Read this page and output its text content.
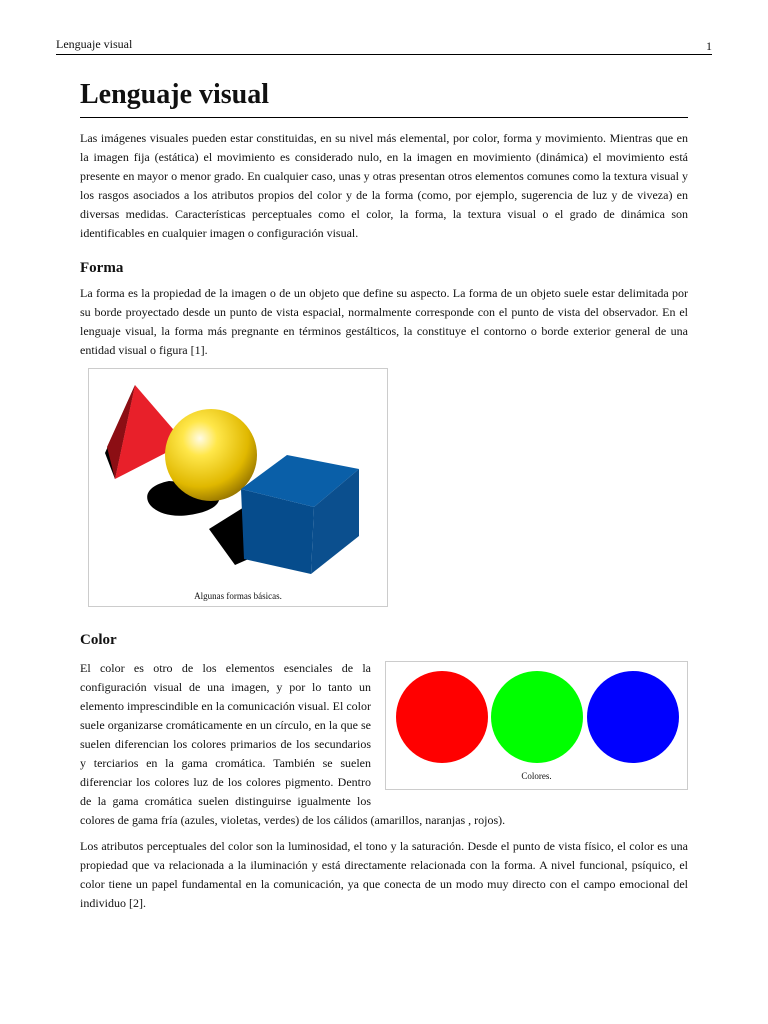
Lenguaje visual	1
Lenguaje visual

Las imágenes visuales pueden estar constituidas, en su nivel más elemental, por color, forma y movimiento. Mientras que en la imagen fija (estática) el movimiento es considerado nulo, en la imagen en movimiento (dinámica) el movimiento está presente en mayor o menor grado. En cualquier caso, unas y otras presentan otros elementos comunes como la textura visual y los rasgos asociados a los atributos propios del color y de la forma (como, por ejemplo, sugerencia de luz y de viveza) en diversas medidas. Características perceptuales como el color, la forma, la textura visual o el grado de dinámica son identificables en cualquier imagen o configuración visual.

Forma

La forma es la propiedad de la imagen o de un objeto que define su aspecto. La forma de un objeto suele estar delimitada por su borde proyectado desde un punto de vista espacial, normalmente corresponde con el punto de vista del observador. En el lenguaje visual, la forma más pregnante en términos gestálticos, la constituye el contorno o borde exterior general de una entidad visual o figura [1].

Algunas formas básicas.
Color
Colores.

El color es otro de los elementos esenciales de la configuración visual de una imagen, y por lo tanto un elemento imprescindible en la comunicación visual. El color suele organizarse cromáticamente en un círculo, en la que se suelen diferencian los colores primarios de los secundarios y terciarios en la gama cromática. También se suelen diferenciar los colores luz de los colores pigmento. Dentro de la gama cromática suelen distinguirse igualmente los colores de gama fría (azules, violetas, verdes) de los cálidos (amarillos, naranjas , rojos).

Los atributos perceptuales del color son la luminosidad, el tono y la saturación. Desde el punto de vista físico, el color es una propiedad que va relacionada a la iluminación y está directamente relacionada con la forma. A nivel funcional, psíquico, el color tiene un papel fundamental en la comunicación, ya que conecta de un modo muy directo con el campo emocional del individuo [2].
